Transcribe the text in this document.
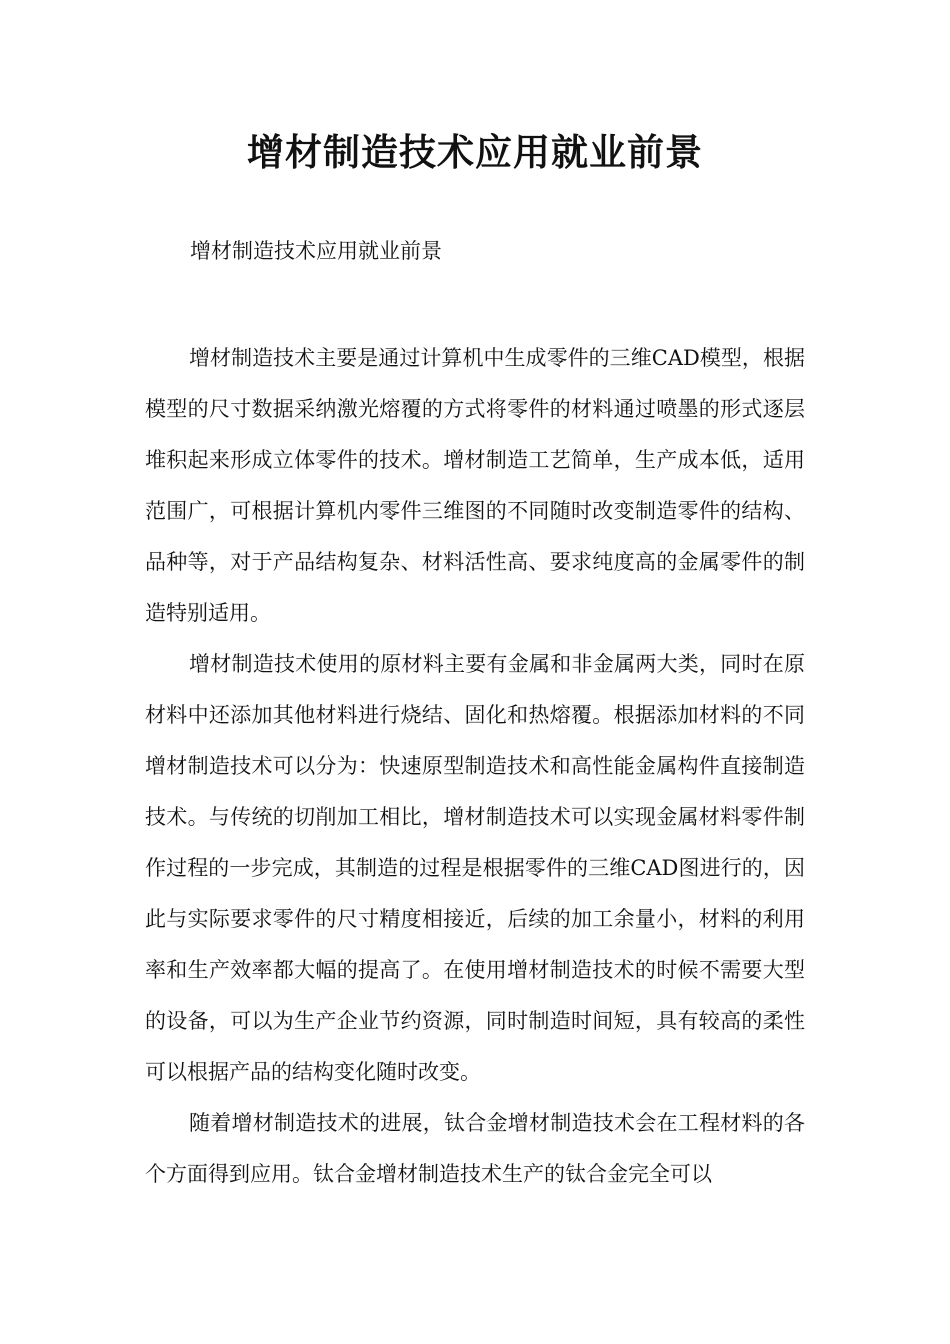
增材制造技术应用就业前景

增材制造技术应用就业前景

增材制造技术主要是通过计算机中生成零件的三维CAD模型，根据模型的尺寸数据采纳激光熔覆的方式将零件的材料通过喷墨的形式逐层堆积起来形成立体零件的技术。增材制造工艺简单，生产成本低，适用范围广，可根据计算机内零件三维图的不同随时改变制造零件的结构、品种等，对于产品结构复杂、材料活性高、要求纯度高的金属零件的制造特别适用。

增材制造技术使用的原材料主要有金属和非金属两大类，同时在原材料中还添加其他材料进行烧结、固化和热熔覆。根据添加材料的不同增材制造技术可以分为：快速原型制造技术和高性能金属构件直接制造技术。与传统的切削加工相比，增材制造技术可以实现金属材料零件制作过程的一步完成，其制造的过程是根据零件的三维CAD图进行的，因此与实际要求零件的尺寸精度相接近，后续的加工余量小，材料的利用率和生产效率都大幅的提高了。在使用增材制造技术的时候不需要大型的设备，可以为生产企业节约资源，同时制造时间短，具有较高的柔性可以根据产品的结构变化随时改变。

随着增材制造技术的进展，钛合金增材制造技术会在工程材料的各个方面得到应用。钛合金增材制造技术生产的钛合金完全可以
